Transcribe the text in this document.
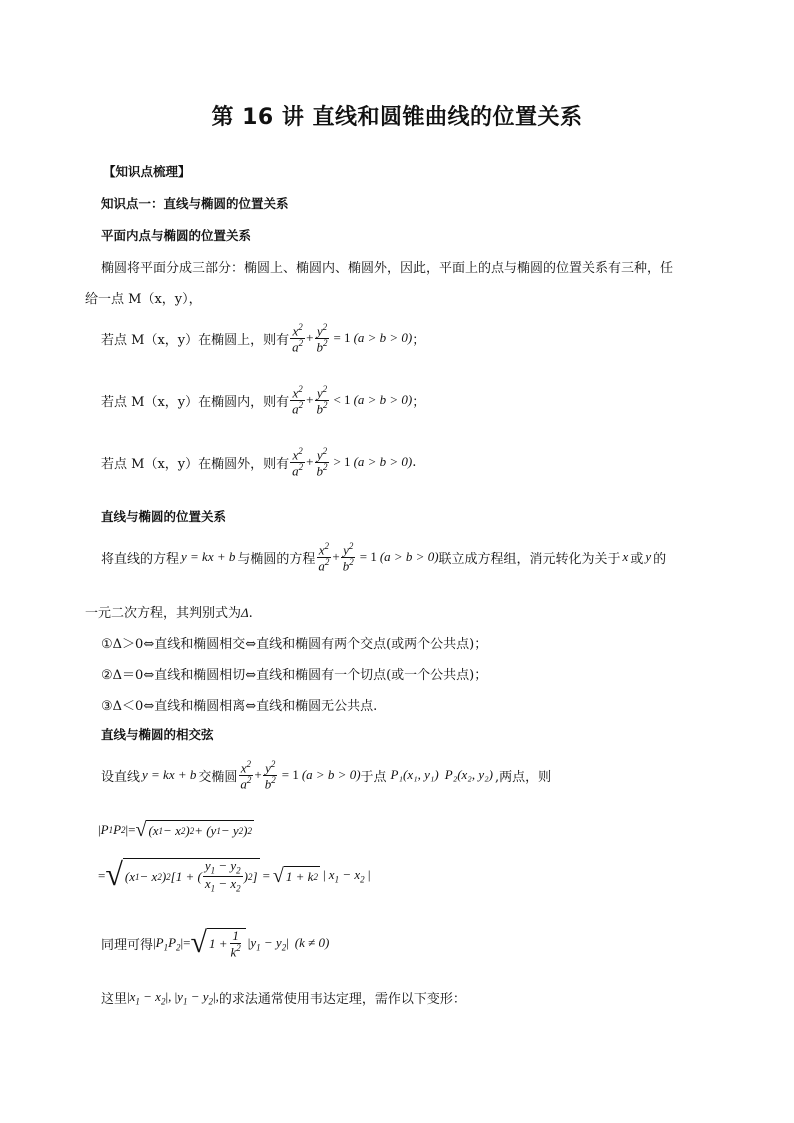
第 16 讲 直线和圆锥曲线的位置关系
【知识点梳理】
知识点一：直线与椭圆的位置关系
平面内点与椭圆的位置关系
椭圆将平面分成三部分：椭圆上、椭圆内、椭圆外，因此，平面上的点与椭圆的位置关系有三种，任
给一点 M（x，y），
若点 M（x，y）在椭圆上，则有 $\frac{x^2}{a^2} + \frac{y^2}{b^2} = 1$ (a > b > 0) ；
若点 M（x，y）在椭圆内，则有 $\frac{x^2}{a^2} + \frac{y^2}{b^2} < 1$ (a > b > 0) ；
若点 M（x，y）在椭圆外，则有 $\frac{x^2}{a^2} + \frac{y^2}{b^2} > 1$ (a > b > 0) .
直线与椭圆的位置关系
将直线的方程 y = kx + b 与椭圆的方程 $\frac{x^2}{a^2} + \frac{y^2}{b^2} = 1$ (a > b > 0) 联立成方程组，消元转化为关于 x 或 y 的
一元二次方程，其判别式为Δ.
①Δ＞0⇔直线和椭圆相交⇔直线和椭圆有两个交点(或两个公共点)；
②Δ＝0⇔直线和椭圆相切⇔直线和椭圆有一个切点(或一个公共点)；
③Δ＜0⇔直线和椭圆相离⇔直线和椭圆无公共点.
直线与椭圆的相交弦
设直线 y = kx + b 交椭圆 $\frac{x^2}{a^2} + \frac{y^2}{b^2} = 1$ (a > b > 0) 于点 P₁(x₁, y₁) P₂(x₂, y₂) ,两点，则
| P 1 P 2 |= √ (x 1 − x 2 ) 2 + (y 1 − y 2 ) 2
= √ (x 1 − x 2 ) 2 [1 + ( $\frac{y_1 - y_2}{x_1 - x_2}$ ) 2 ] = √ 1 + k 2 | $x_1 - x_2$ |
同理可得 $|P_1P_2|=$ √ $1 + \frac{1}{k^2} |y_1 - y_2|$ (k ≠ 0)
这里 $|x_1 - x_2|$, $|y_1 - y_2|$, 的求法通常使用韦达定理，需作以下变形：
